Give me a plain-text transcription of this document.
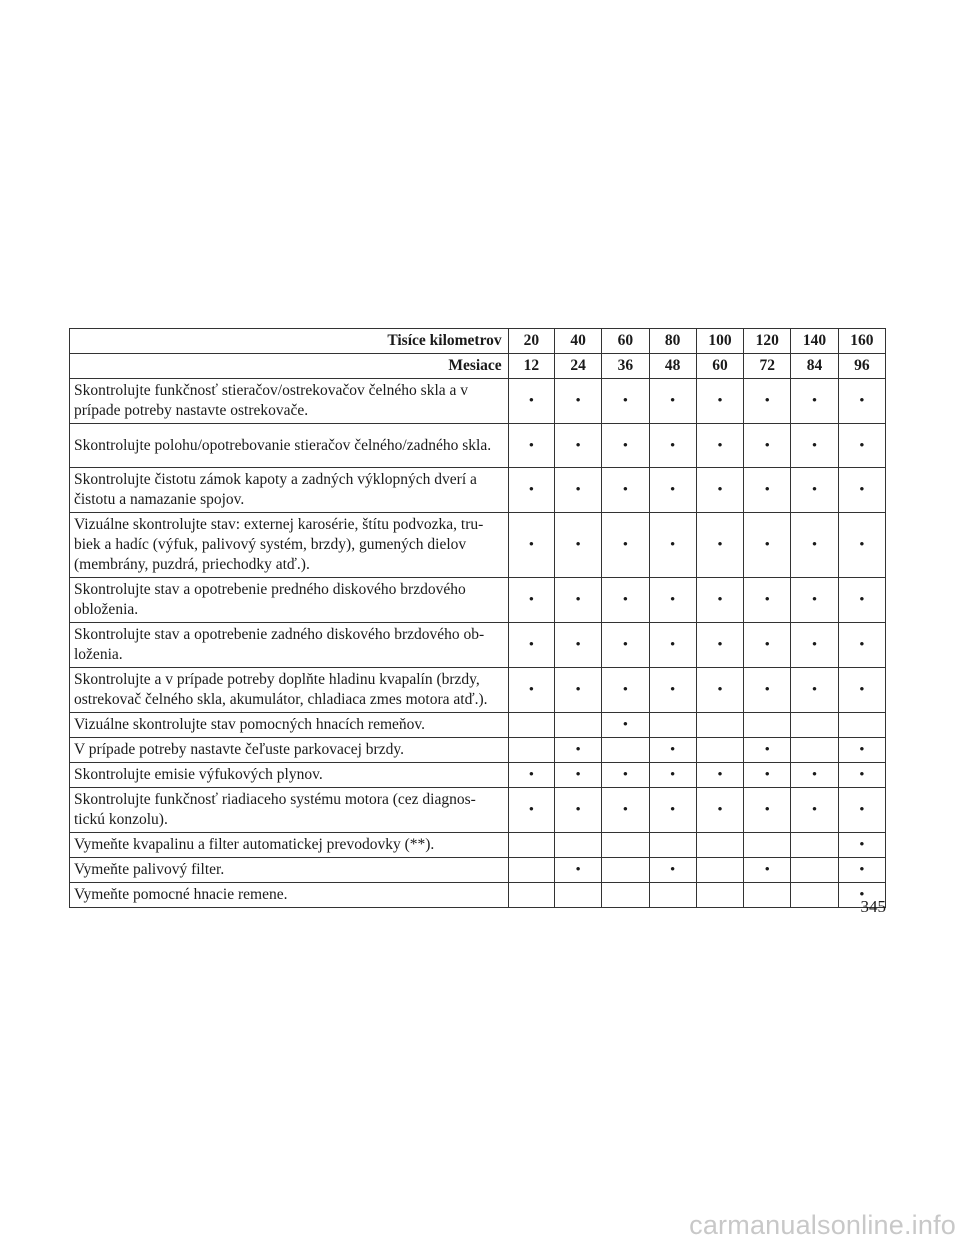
Tisíce kilometrov	20	40	60	80	100	120	140	160
Mesiace	12	24	36	48	60	72	84	96
Skontrolujte funkčnosť stieračov/ostrekovačov čelného skla a v prípade potreby nastavte ostrekovače.	•	•	•	•	•	•	•	•
Skontrolujte polohu/opotrebovanie stieračov čelného/zadného skla.	•	•	•	•	•	•	•	•
Skontrolujte čistotu zámok kapoty a zadných výklopných dverí a čistotu a namazanie spojov.	•	•	•	•	•	•	•	•
Vizuálne skontrolujte stav: externej karosérie, štítu podvozka, tru-biek a hadíc (výfuk, palivový systém, brzdy), gumených dielov (membrány, puzdrá, priechodky atď.).	•	•	•	•	•	•	•	•
Skontrolujte stav a opotrebenie predného diskového brzdového obloženia.	•	•	•	•	•	•	•	•
Skontrolujte stav a opotrebenie zadného diskového brzdového ob-loženia.	•	•	•	•	•	•	•	•
Skontrolujte a v prípade potreby doplňte hladinu kvapalín (brzdy, ostrekovač čelného skla, akumulátor, chladiaca zmes motora atď.).	•	•	•	•	•	•	•	•
Vizuálne skontrolujte stav pomocných hnacích remeňov.			•					
V prípade potreby nastavte čeľuste parkovacej brzdy.		•		•		•		•
Skontrolujte emisie výfukových plynov.	•	•	•	•	•	•	•	•
Skontrolujte funkčnosť riadiaceho systému motora (cez diagnos-tickú konzolu).	•	•	•	•	•	•	•	•
Vymeňte kvapalinu a filter automatickej prevodovky (**).								•
Vymeňte palivový filter.		•		•		•		•
Vymeňte pomocné hnacie remene.								•
345
carmanualsonline.info
